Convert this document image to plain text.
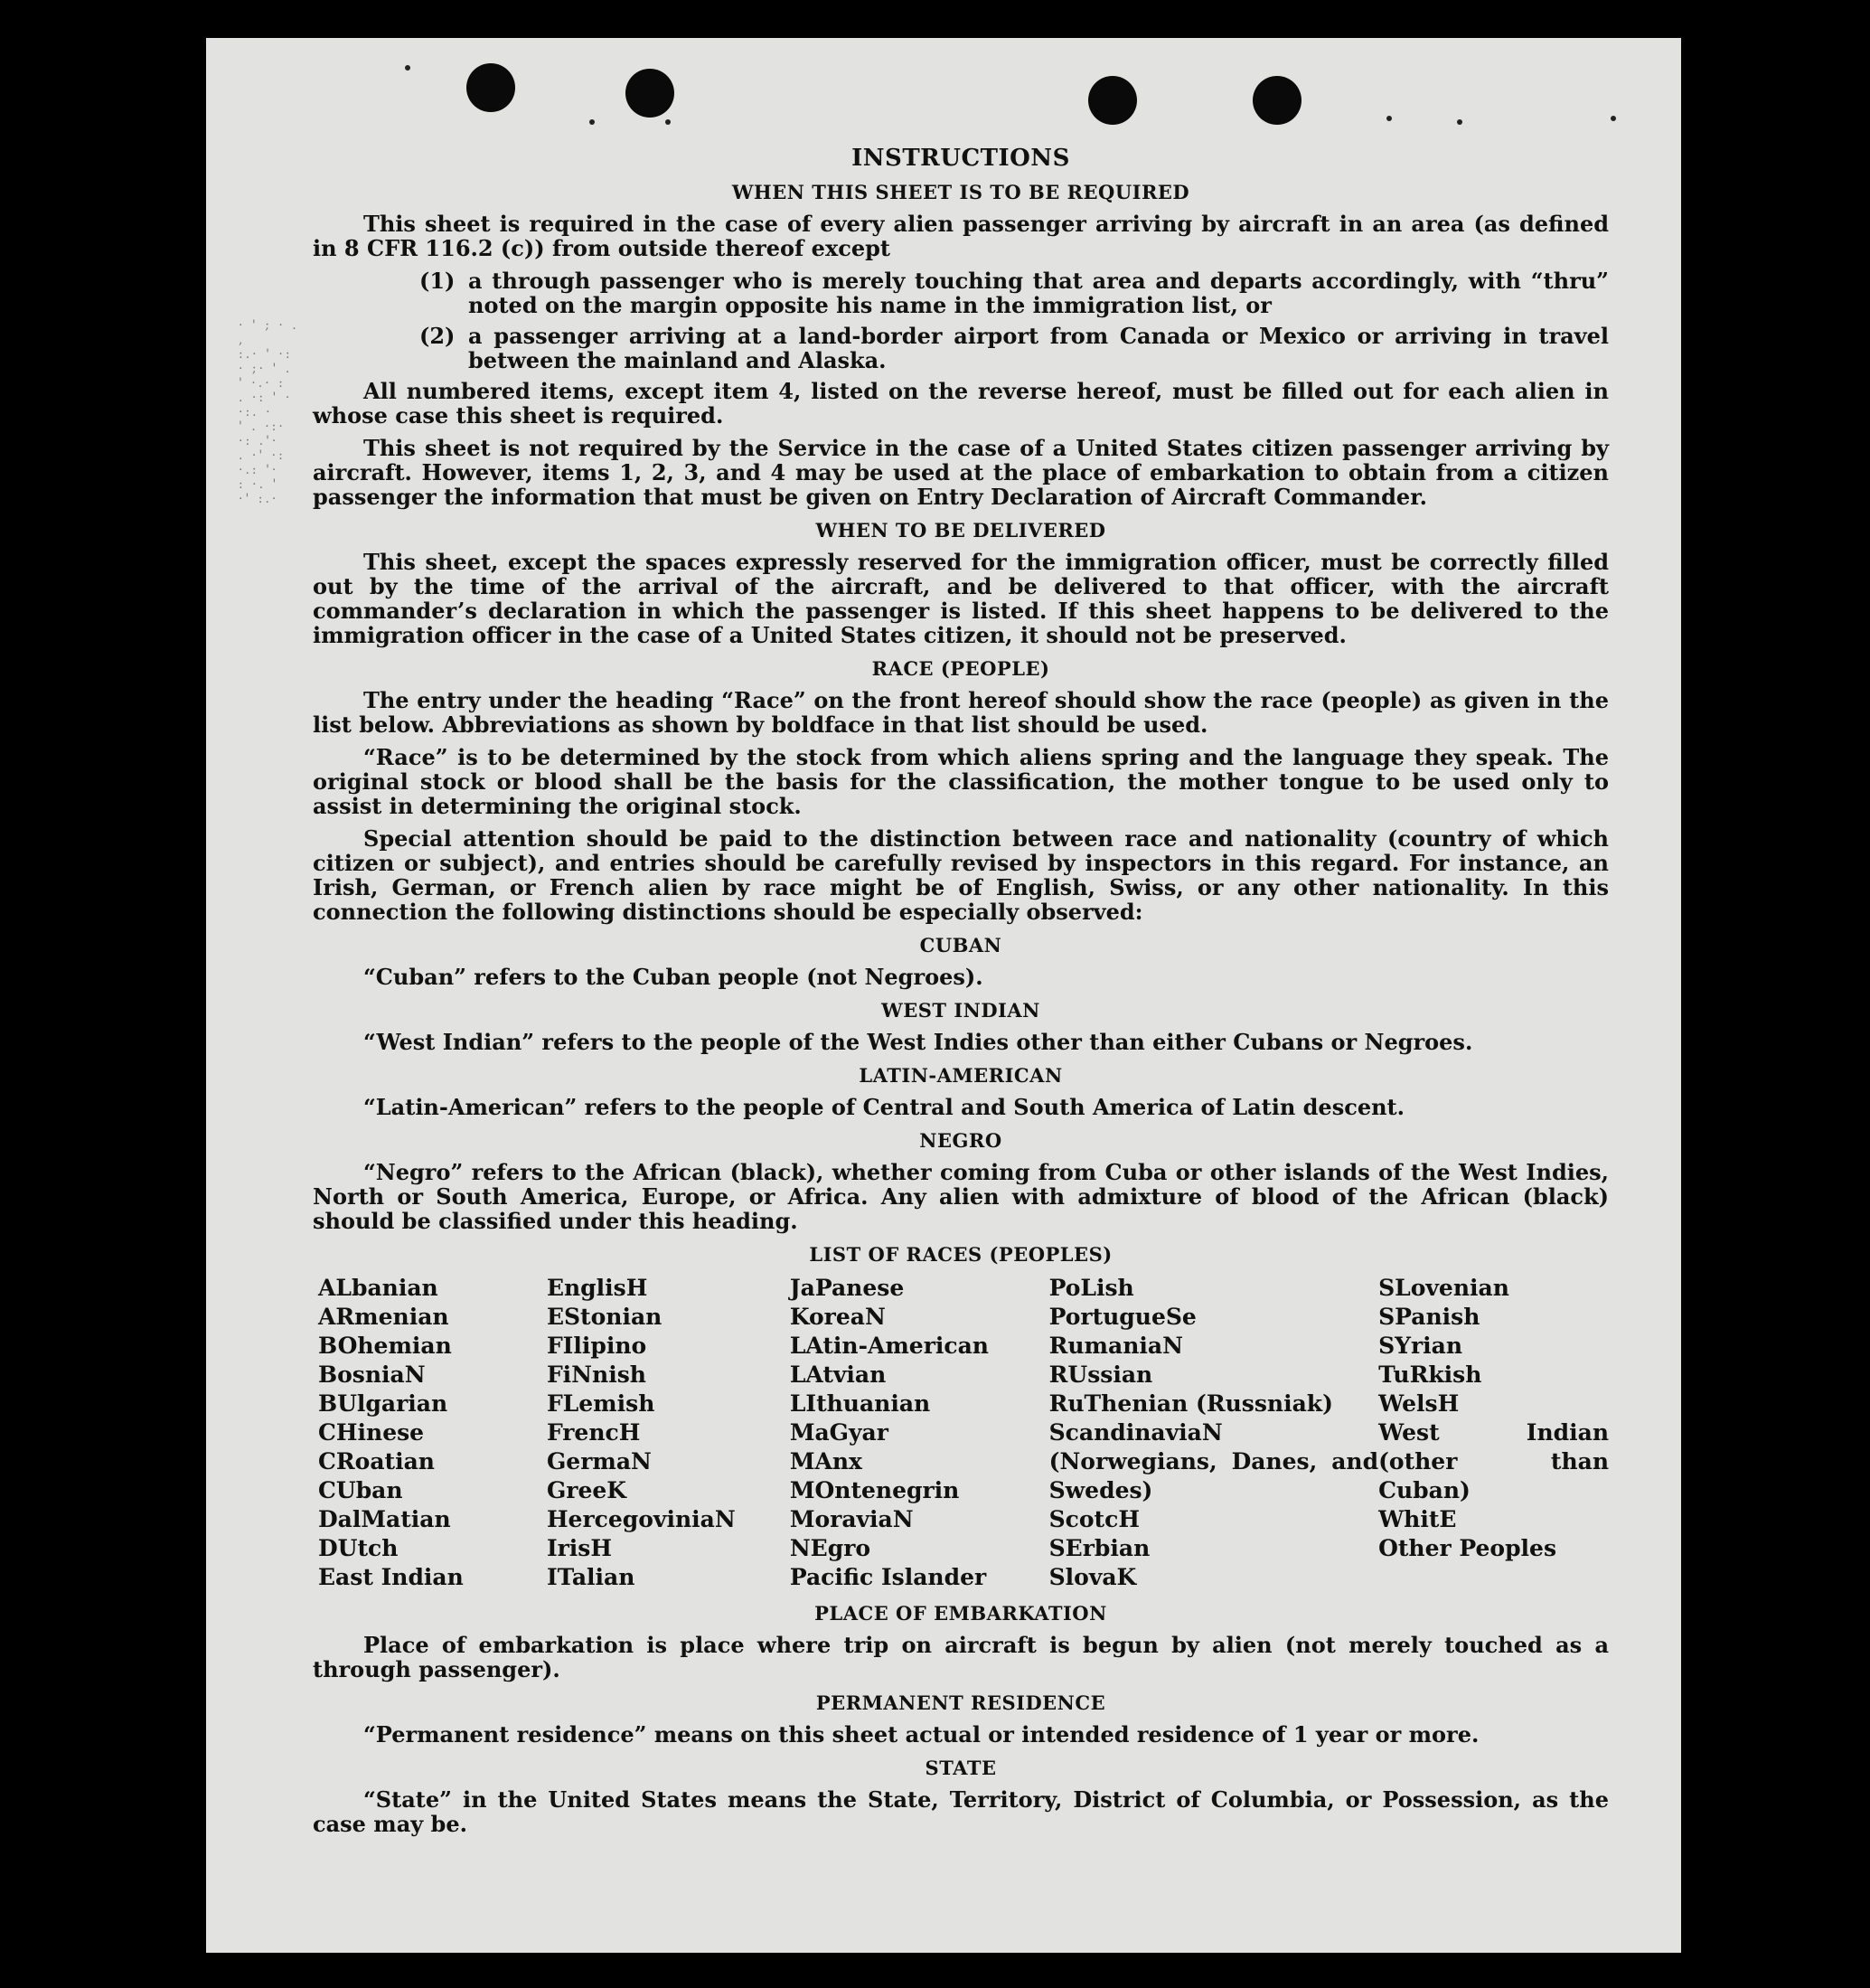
· ' ; · . ,
:.· ' ·:
· ;· ' .
' ·.· :
. ·: ' ·
·:. ·
' . ·:·
·: .'·
. ·' ·:
·.: '·
: ·. '
·' :.·
INSTRUCTIONS
WHEN THIS SHEET IS TO BE REQUIRED

This sheet is required in the case of every alien passenger arriving by aircraft in an area (as defined in 8 CFR 116.2 (c)) from outside thereof except

(1) a through passenger who is merely touching that area and departs accordingly, with “thru” noted on the margin opposite his name in the immigration list, or
(2) a passenger arriving at a land-border airport from Canada or Mexico or arriving in travel between the mainland and Alaska.

All numbered items, except item 4, listed on the reverse hereof, must be filled out for each alien in whose case this sheet is required.

This sheet is not required by the Service in the case of a United States citizen passenger arriving by aircraft. However, items 1, 2, 3, and 4 may be used at the place of embarkation to obtain from a citizen passenger the information that must be given on Entry Declaration of Aircraft Commander.

WHEN TO BE DELIVERED

This sheet, except the spaces expressly reserved for the immigration officer, must be correctly filled out by the time of the arrival of the aircraft, and be delivered to that officer, with the aircraft commander’s declaration in which the passenger is listed. If this sheet happens to be delivered to the immigration officer in the case of a United States citizen, it should not be preserved.

RACE (PEOPLE)

The entry under the heading “Race” on the front hereof should show the race (people) as given in the list below. Abbreviations as shown by boldface in that list should be used.

“Race” is to be determined by the stock from which aliens spring and the language they speak. The original stock or blood shall be the basis for the classification, the mother tongue to be used only to assist in determining the original stock.

Special attention should be paid to the distinction between race and nationality (country of which citizen or subject), and entries should be carefully revised by inspectors in this regard. For instance, an Irish, German, or French alien by race might be of English, Swiss, or any other nationality. In this connection the following distinctions should be especially observed:

CUBAN

“Cuban” refers to the Cuban people (not Negroes).

WEST INDIAN

“West Indian” refers to the people of the West Indies other than either Cubans or Negroes.

LATIN-AMERICAN

“Latin-American” refers to the people of Central and South America of Latin descent.

NEGRO

“Negro” refers to the African (black), whether coming from Cuba or other islands of the West Indies, North or South America, Europe, or Africa. Any alien with admixture of blood of the African (black) should be classified under this heading.

LIST OF RACES (PEOPLES)
ALbanian
ARmenian
BOhemian
BosniaN
BUlgarian
CHinese
CRoatian
CUban
DalMatian
DUtch
East Indian
EnglisH
EStonian
FIlipino
FiNnish
FLemish
FrencH
GermaN
GreeK
HercegoviniaN
IrisH
ITalian
JaPanese
KoreaN
LAtin-American
LAtvian
LIthuanian
MaGyar
MAnx
MOntenegrin
MoraviaN
NEgro
Pacific Islander
PoLish
PortugueSe
RumaniaN
RUssian
RuThenian (Russniak)
ScandinaviaN (Norwegians, Danes, and Swedes)
ScotcH
SErbian
SlovaK
SLovenian
SPanish
SYrian
TuRkish
WelsH
West Indian (other than Cuban)
WhitE
Other Peoples
PLACE OF EMBARKATION

Place of embarkation is place where trip on aircraft is begun by alien (not merely touched as a through passenger).

PERMANENT RESIDENCE

“Permanent residence” means on this sheet actual or intended residence of 1 year or more.

STATE

“State” in the United States means the State, Territory, District of Columbia, or Possession, as the case may be.
